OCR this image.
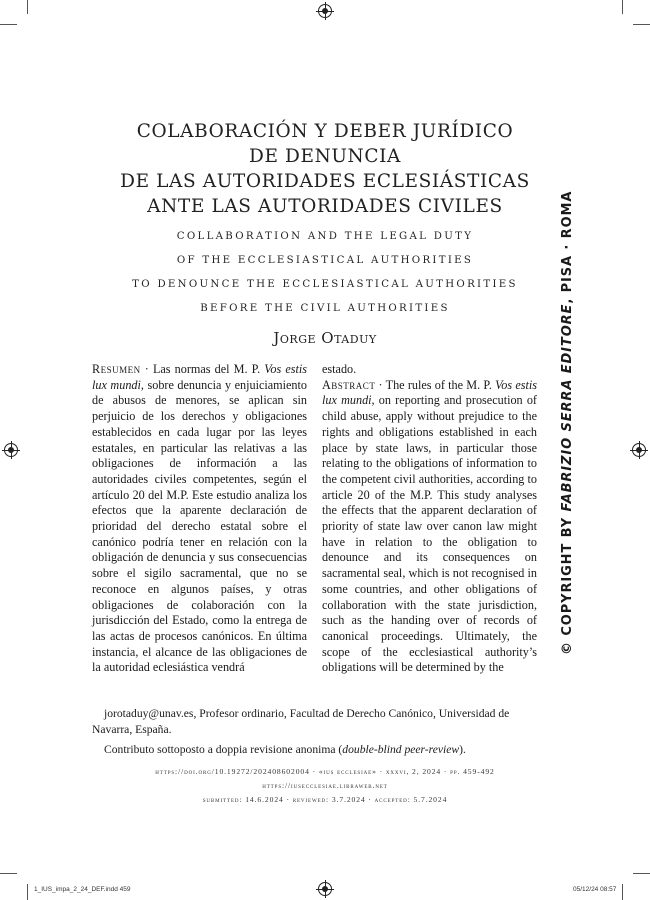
COLABORACIÓN Y DEBER JURÍDICO
DE DENUNCIA
DE LAS AUTORIDADES ECLESIÁSTICAS
ANTE LAS AUTORIDADES CIVILES
COLLABORATION AND THE LEGAL DUTY
OF THE ECCLESIASTICAL AUTHORITIES
TO DENOUNCE THE ECCLESIASTICAL AUTHORITIES
BEFORE THE CIVIL AUTHORITIES
Jorge Otaduy
Resumen · Las normas del M. P. Vos estis lux mundi, sobre denuncia y enjuiciamiento de abusos de menores, se aplican sin perjuicio de los derechos y obligaciones establecidos en cada lugar por las leyes estatales, en particular las relativas a las obligaciones de información a las autoridades civiles competentes, según el artículo 20 del M.P. Este estudio analiza los efectos que la aparente declaración de prioridad del derecho estatal sobre el canónico podría tener en relación con la obligación de denuncia y sus consecuencias sobre el sigilo sacramental, que no se reconoce en algunos países, y otras obligaciones de colaboración con la jurisdicción del Estado, como la entrega de las actas de procesos canónicos. En última instancia, el alcance de las obligaciones de la autoridad eclesiástica vendrá
estado.
Abstract · The rules of the M. P. Vos estis lux mundi, on reporting and prosecution of child abuse, apply without prejudice to the rights and obligations established in each place by state laws, in particular those relating to the obligations of information to the competent civil authorities, according to article 20 of the M.P. This study analyses the effects that the apparent declaration of priority of state law over canon law might have in relation to the obligation to denounce and its consequences on sacramental seal, which is not recognised in some countries, and other obligations of collaboration with the state jurisdiction, such as the handing over of records of canonical proceedings. Ultimately, the scope of the ecclesiastical authority’s obligations will be determined by the

jorotaduy@unav.es, Profesor ordinario, Facultad de Derecho Canónico, Universidad de Navarra, España.

Contributo sottoposto a doppia revisione anonima (double-blind peer-review).

https://doi.org/10.19272/202408602004 · «ius ecclesiae» · xxxvi, 2, 2024 · pp. 459-492
https://iusecclesiae.libraweb.net
submitted: 14.6.2024 · reviewed: 3.7.2024 · accepted: 5.7.2024
© COPYRIGHT BY FABRIZIO SERRA EDITORE, PISA · ROMA
1_IUS_impa_2_24_DEF.indd 459	05/12/24 08:57
